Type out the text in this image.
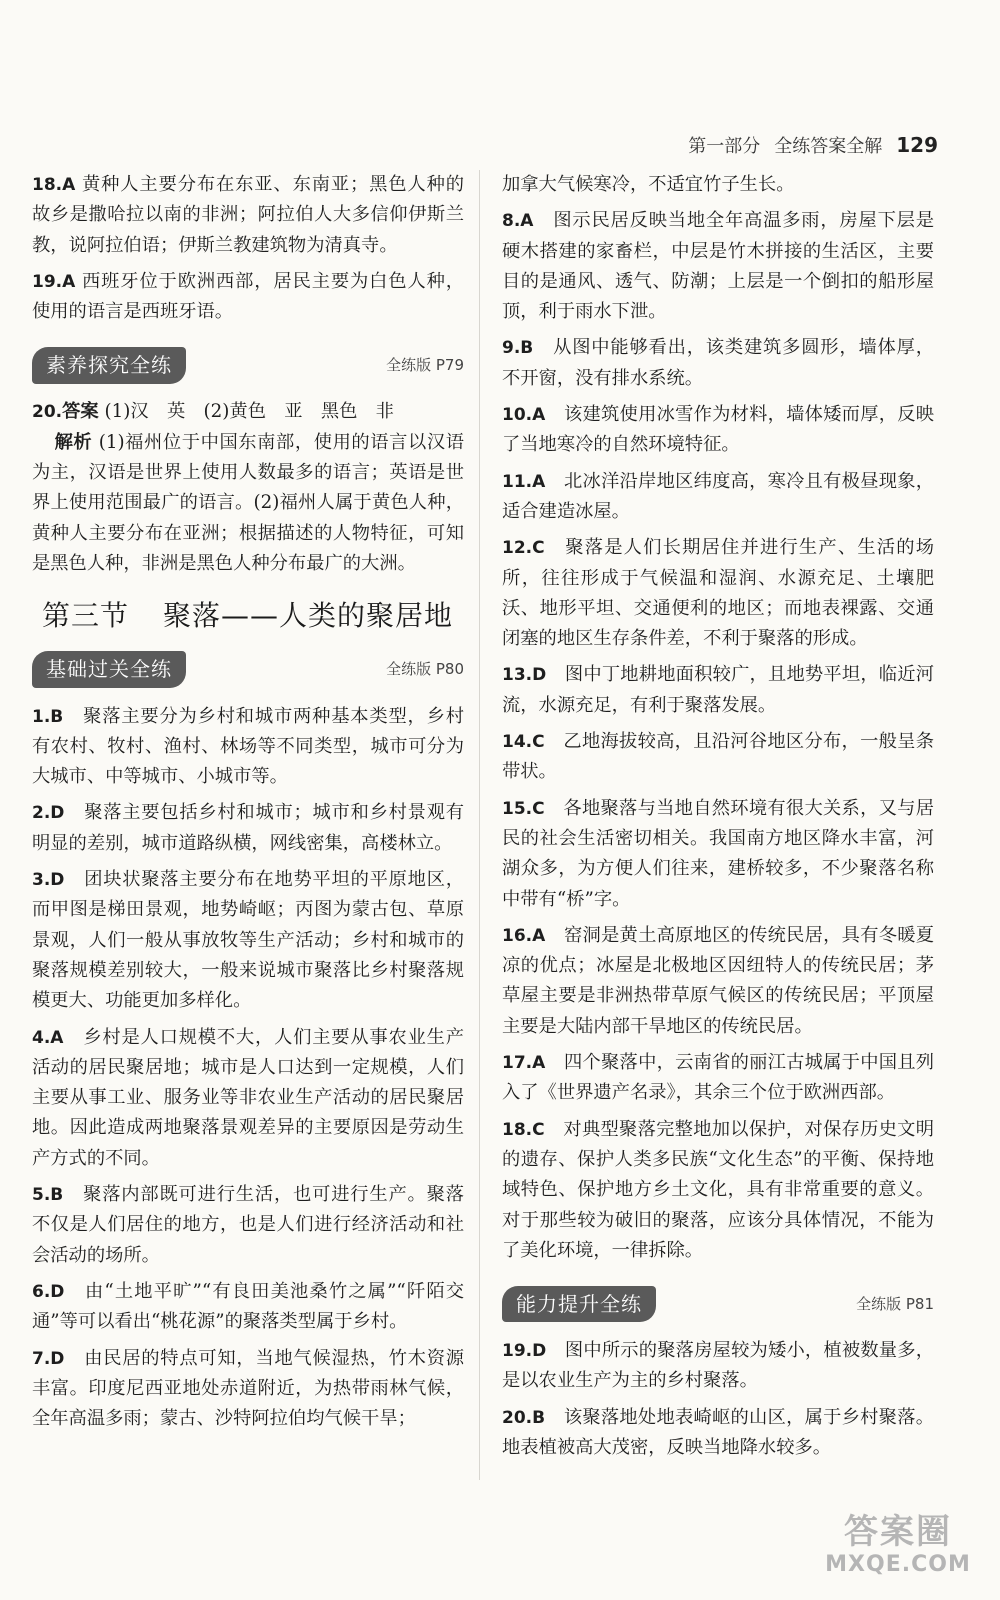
第一部分 全练答案全解 129
18.A 黄种人主要分布在东亚、东南亚；黑色人种的故乡是撒哈拉以南的非洲；阿拉伯人大多信仰伊斯兰教，说阿拉伯语；伊斯兰教建筑物为清真寺。
19.A 西班牙位于欧洲西部，居民主要为白色人种，使用的语言是西班牙语。
素养探究全练	全练版 P79
20.答案 (1)汉　英　(2)黄色　亚　黑色　非
解析 (1)福州位于中国东南部，使用的语言以汉语为主，汉语是世界上使用人数最多的语言；英语是世界上使用范围最广的语言。(2)福州人属于黄色人种，黄种人主要分布在亚洲；根据描述的人物特征，可知是黑色人种，非洲是黑色人种分布最广的大洲。
第三节 聚落——人类的聚居地
基础过关全练	全练版 P80
1.B　 聚落主要分为乡村和城市两种基本类型，乡村有农村、牧村、渔村、林场等不同类型，城市可分为大城市、中等城市、小城市等。
2.D　 聚落主要包括乡村和城市；城市和乡村景观有明显的差别，城市道路纵横，网线密集，高楼林立。
3.D　 团块状聚落主要分布在地势平坦的平原地区，而甲图是梯田景观，地势崎岖；丙图为蒙古包、草原景观，人们一般从事放牧等生产活动；乡村和城市的聚落规模差别较大，一般来说城市聚落比乡村聚落规模更大、功能更加多样化。
4.A　 乡村是人口规模不大，人们主要从事农业生产活动的居民聚居地；城市是人口达到一定规模，人们主要从事工业、服务业等非农业生产活动的居民聚居地。因此造成两地聚落景观差异的主要原因是劳动生产方式的不同。
5.B　 聚落内部既可进行生活，也可进行生产。聚落不仅是人们居住的地方，也是人们进行经济活动和社会活动的场所。
6.D　 由“土地平旷”“有良田美池桑竹之属”“阡陌交通”等可以看出“桃花源”的聚落类型属于乡村。
7.D　 由民居的特点可知，当地气候湿热，竹木资源丰富。印度尼西亚地处赤道附近，为热带雨林气候，全年高温多雨；蒙古、沙特阿拉伯均气候干旱；
加拿大气候寒冷，不适宜竹子生长。
8.A　 图示民居反映当地全年高温多雨，房屋下层是硬木搭建的家畜栏，中层是竹木拼接的生活区，主要目的是通风、透气、防潮；上层是一个倒扣的船形屋顶，利于雨水下泄。
9.B　 从图中能够看出，该类建筑多圆形，墙体厚，不开窗，没有排水系统。
10.A　 该建筑使用冰雪作为材料，墙体矮而厚，反映了当地寒冷的自然环境特征。
11.A　 北冰洋沿岸地区纬度高，寒冷且有极昼现象，适合建造冰屋。
12.C　 聚落是人们长期居住并进行生产、生活的场所，往往形成于气候温和湿润、水源充足、土壤肥沃、地形平坦、交通便利的地区；而地表裸露、交通闭塞的地区生存条件差，不利于聚落的形成。
13.D　 图中丁地耕地面积较广，且地势平坦，临近河流，水源充足，有利于聚落发展。
14.C　 乙地海拔较高，且沿河谷地区分布，一般呈条带状。
15.C　 各地聚落与当地自然环境有很大关系，又与居民的社会生活密切相关。我国南方地区降水丰富，河湖众多，为方便人们往来，建桥较多，不少聚落名称中带有“桥”字。
16.A　 窑洞是黄土高原地区的传统民居，具有冬暖夏凉的优点；冰屋是北极地区因纽特人的传统民居；茅草屋主要是非洲热带草原气候区的传统民居；平顶屋主要是大陆内部干旱地区的传统民居。
17.A　 四个聚落中，云南省的丽江古城属于中国且列入了《世界遗产名录》，其余三个位于欧洲西部。
18.C　 对典型聚落完整地加以保护，对保存历史文明的遗存、保护人类多民族“文化生态”的平衡、保持地域特色、保护地方乡土文化，具有非常重要的意义。对于那些较为破旧的聚落，应该分具体情况，不能为了美化环境，一律拆除。
能力提升全练	全练版 P81
19.D　 图中所示的聚落房屋较为矮小，植被数量多，是以农业生产为主的乡村聚落。
20.B　 该聚落地处地表崎岖的山区，属于乡村聚落。地表植被高大茂密，反映当地降水较多。
答案圈
MXQE.COM
